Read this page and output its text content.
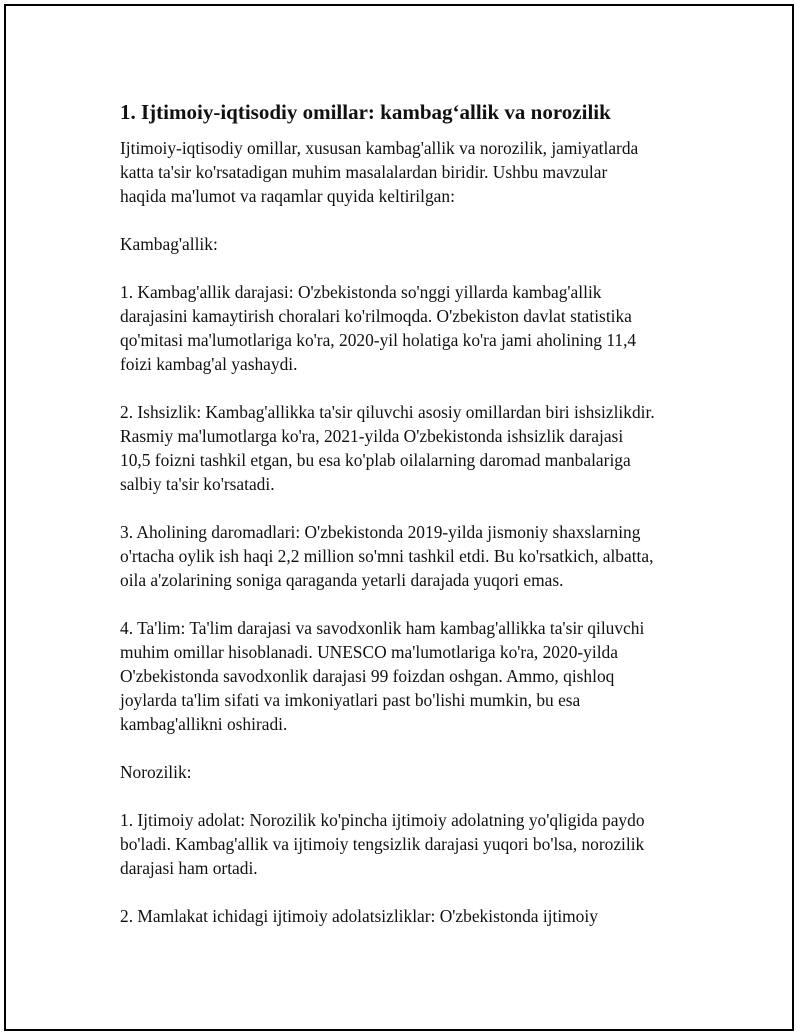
1. Ijtimoiy-iqtisodiy omillar: kambag‘allik va norozilik

Ijtimoiy-iqtisodiy omillar, xususan kambag'allik va norozilik, jamiyatlarda
katta ta'sir ko'rsatadigan muhim masalalardan biridir. Ushbu mavzular
haqida ma'lumot va raqamlar quyida keltirilgan:

Kambag'allik:

1. Kambag'allik darajasi: O'zbekistonda so'nggi yillarda kambag'allik
darajasini kamaytirish choralari ko'rilmoqda. O'zbekiston davlat statistika
qo'mitasi ma'lumotlariga ko'ra, 2020-yil holatiga ko'ra jami aholining 11,4
foizi kambag'al yashaydi.

2. Ishsizlik: Kambag'allikka ta'sir qiluvchi asosiy omillardan biri ishsizlikdir.
Rasmiy ma'lumotlarga ko'ra, 2021-yilda O'zbekistonda ishsizlik darajasi
10,5 foizni tashkil etgan, bu esa ko'plab oilalarning daromad manbalariga
salbiy ta'sir ko'rsatadi.

3. Aholining daromadlari: O'zbekistonda 2019-yilda jismoniy shaxslarning
o'rtacha oylik ish haqi 2,2 million so'mni tashkil etdi. Bu ko'rsatkich, albatta,
oila a'zolarining soniga qaraganda yetarli darajada yuqori emas.

4. Ta'lim: Ta'lim darajasi va savodxonlik ham kambag'allikka ta'sir qiluvchi
muhim omillar hisoblanadi. UNESCO ma'lumotlariga ko'ra, 2020-yilda
O'zbekistonda savodxonlik darajasi 99 foizdan oshgan. Ammo, qishloq
joylarda ta'lim sifati va imkoniyatlari past bo'lishi mumkin, bu esa
kambag'allikni oshiradi.

Norozilik:

1. Ijtimoiy adolat: Norozilik ko'pincha ijtimoiy adolatning yo'qligida paydo
bo'ladi. Kambag'allik va ijtimoiy tengsizlik darajasi yuqori bo'lsa, norozilik
darajasi ham ortadi.

2. Mamlakat ichidagi ijtimoiy adolatsizliklar: O'zbekistonda ijtimoiy
